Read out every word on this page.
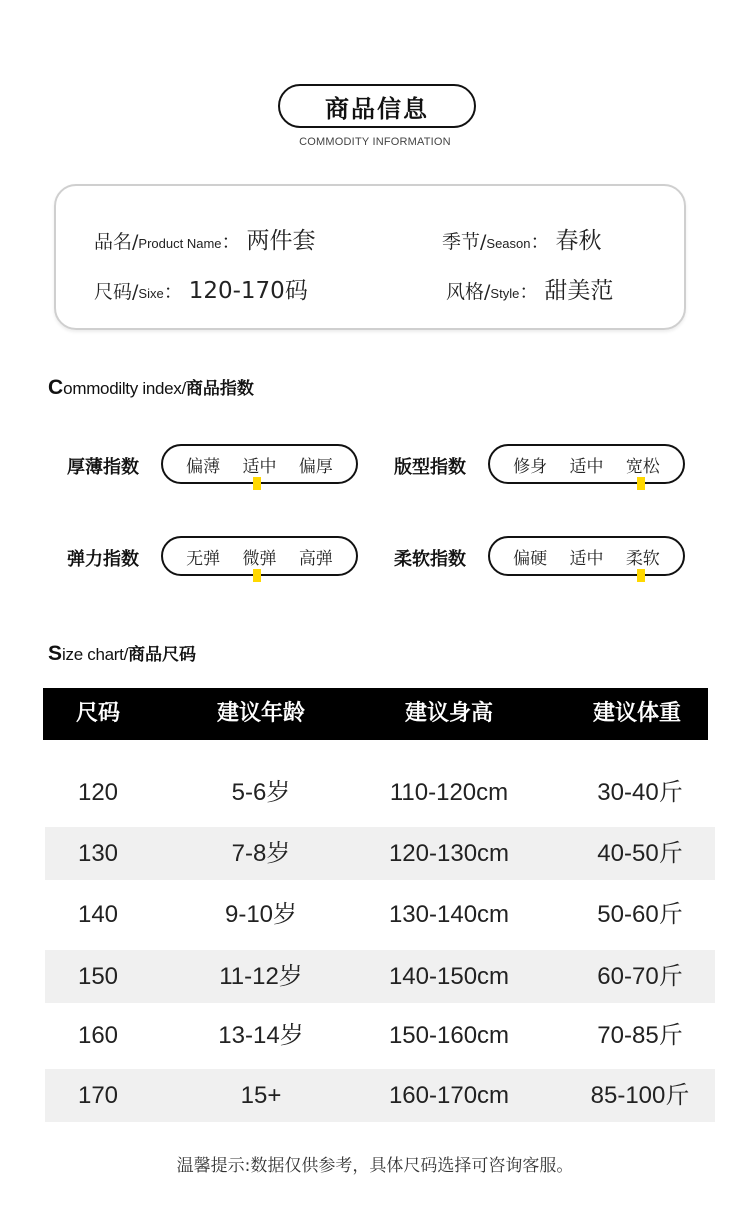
商品信息
COMMODITY INFORMATION
品名/ Product Name ： 两件套	季节/ Season ： 春秋
尺码/ Sixe ： 120-170码	风格/ Style ： 甜美范
C ommodilty index/ 商品指数
厚薄指数	偏薄 适中 偏厚	版型指数	修身 适中 宽松
弹力指数	无弹 微弹 高弹	柔软指数	偏硬 适中 柔软
S ize chart/ 商品尺码
尺码	建议年龄	建议身高	建议体重
120	5-6岁	110-120cm	30-40斤
130	7-8岁	120-130cm	40-50斤
140	9-10岁	130-140cm	50-60斤
150	11-12岁	140-150cm	60-70斤
160	13-14岁	150-160cm	70-85斤
170	15+	160-170cm	85-100斤
温馨提示:数据仅供参考，具体尺码选择可咨询客服。
